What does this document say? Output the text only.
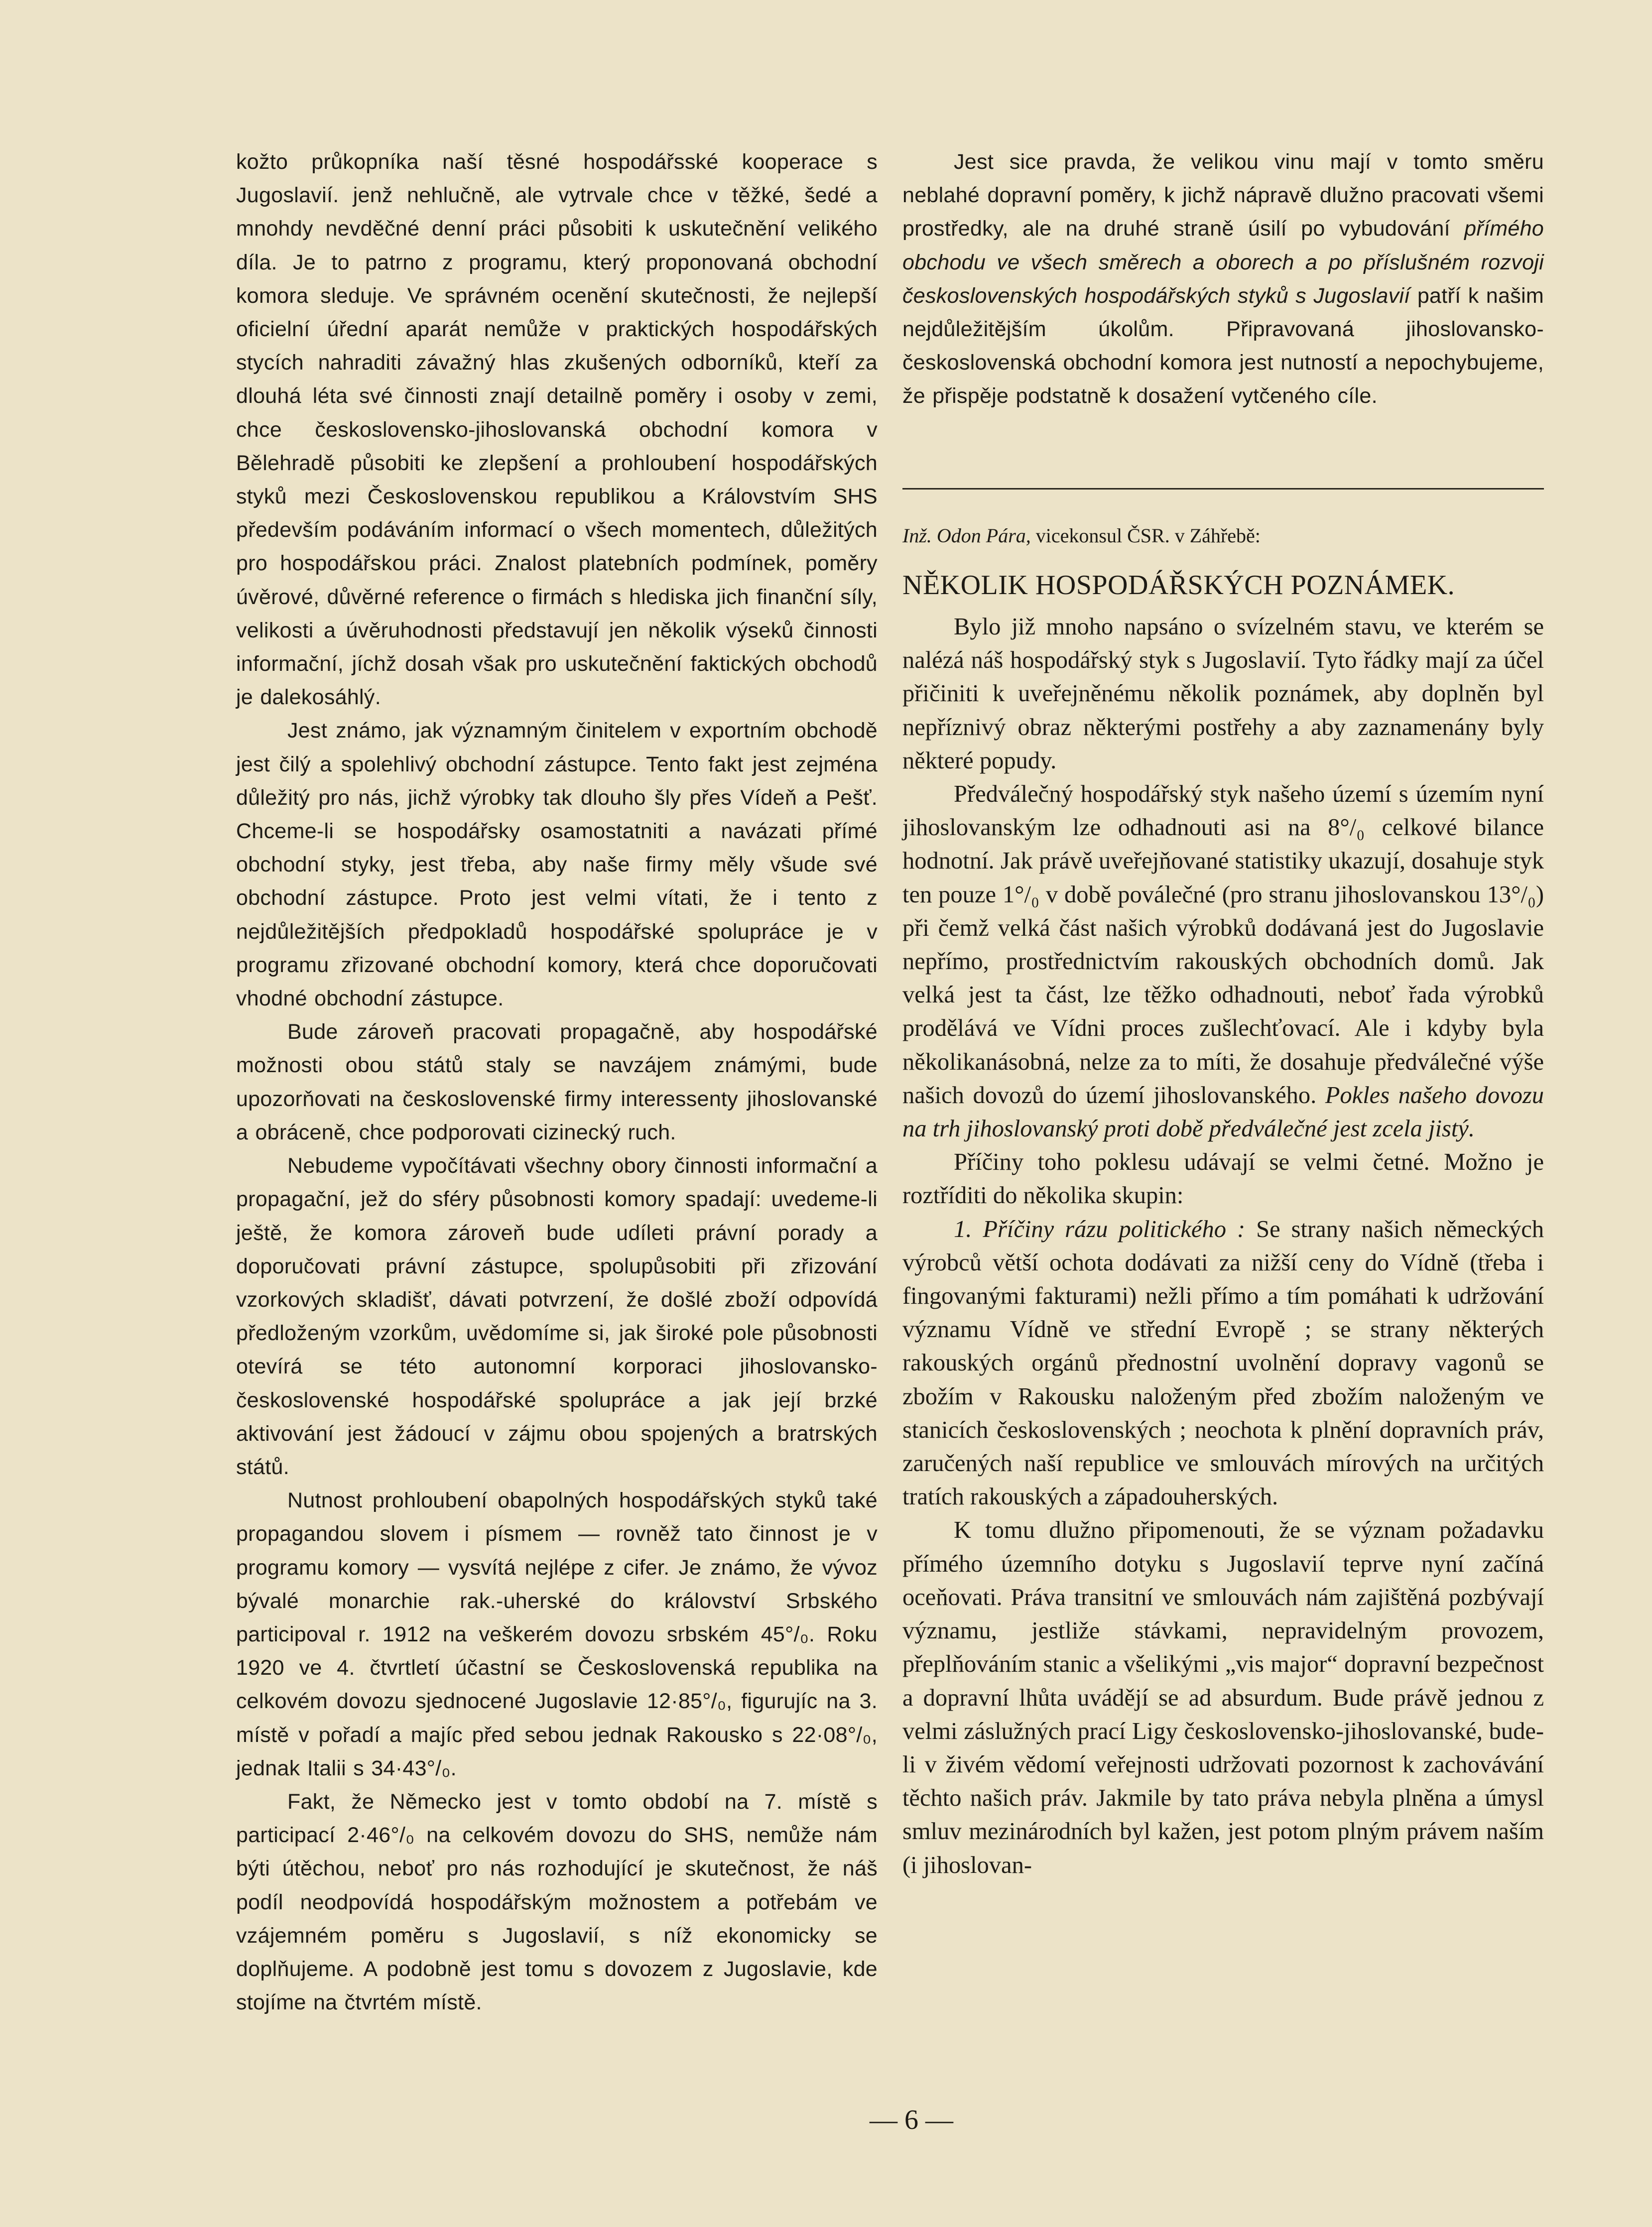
kožto průkopníka naší těsné hospodářsské kooperace s Jugoslavií. jenž nehlučně, ale vytrvale chce v těžké, šedé a mnohdy nevděčné denní práci působiti k uskutečnění velikého díla. Je to patrno z programu, který proponovaná obchodní komora sleduje. Ve správném ocenění skutečnosti, že nejlepší oficielní úřední aparát nemůže v praktických hospodářských stycích nahraditi závažný hlas zkušených odborníků, kteří za dlouhá léta své činnosti znají detailně poměry i osoby v zemi, chce československo-jihoslovanská obchodní komora v Bělehradě působiti ke zlepšení a prohloubení hospodářských styků mezi Československou republikou a Královstvím SHS především podáváním informací o všech momentech, důležitých pro hospodářskou práci. Znalost platebních podmínek, poměry úvěrové, důvěrné reference o firmách s hlediska jich finanční síly, velikosti a úvěruhodnosti představují jen několik výseků činnosti informační, jíchž dosah však pro uskutečnění faktických obchodů je dalekosáhlý.

Jest známo, jak významným činitelem v exportním obchodě jest čilý a spolehlivý obchodní zástupce. Tento fakt jest zejména důležitý pro nás, jichž výrobky tak dlouho šly přes Vídeň a Pešť. Chceme-li se hospodářsky osamostatniti a navázati přímé obchodní styky, jest třeba, aby naše firmy měly všude své obchodní zástupce. Proto jest velmi vítati, že i tento z nejdůležitějších předpokladů hospodářské spolupráce je v programu zřizované obchodní komory, která chce doporučovati vhodné obchodní zástupce.

Bude zároveň pracovati propagačně, aby hospodářské možnosti obou států staly se navzájem známými, bude upozorňovati na československé firmy interessenty jihoslovanské a obráceně, chce podporovati cizinecký ruch.

Nebudeme vypočítávati všechny obory činnosti informační a propagační, jež do sféry působnosti komory spadají: uvedeme-li ještě, že komora zároveň bude udíleti právní porady a doporučovati právní zástupce, spolupůsobiti při zřizování vzorkových skladišť, dávati potvrzení, že došlé zboží odpovídá předloženým vzorkům, uvědomíme si, jak široké pole působnosti otevírá se této autonomní korporaci jihoslovansko-československé hospodářské spolupráce a jak její brzké aktivování jest žádoucí v zájmu obou spojených a bratrských států.

Nutnost prohloubení obapolných hospodářských styků také propagandou slovem i písmem — rovněž tato činnost je v programu komory — vysvítá nejlépe z cifer. Je známo, že vývoz bývalé monarchie rak.-uherské do království Srbského participoval r. 1912 na veškerém dovozu srbském 45°/₀. Roku 1920 ve 4. čtvrtletí účastní se Československá republika na celkovém dovozu sjednocené Jugoslavie 12·85°/₀, figurujíc na 3. místě v pořadí a majíc před sebou jednak Rakousko s 22·08°/₀, jednak Italii s 34·43°/₀.

Fakt, že Německo jest v tomto období na 7. místě s participací 2·46°/₀ na celkovém dovozu do SHS, nemůže nám býti útěchou, neboť pro nás rozhodující je skutečnost, že náš podíl neodpovídá hospodářským možnostem a potřebám ve vzájemném poměru s Jugoslavií, s níž ekonomicky se doplňujeme. A podobně jest tomu s dovozem z Jugoslavie, kde stojíme na čtvrtém místě.

Jest sice pravda, že velikou vinu mají v tomto směru neblahé dopravní poměry, k jichž nápravě dlužno pracovati všemi prostředky, ale na druhé straně úsilí po vybudování přímého obchodu ve všech směrech a oborech a po příslušném rozvoji československých hospodářských styků s Jugoslavií patří k našim nejdůležitějším úkolům. Připravovaná jihoslovansko-československá obchodní komora jest nutností a nepochybujeme, že přispěje podstatně k dosažení vytčeného cíle.

Inž. Odon Pára, vicekonsul ČSR. v Záhřebě:
NĚKOLIK HOSPODÁŘSKÝCH POZNÁMEK.

Bylo již mnoho napsáno o svízelném stavu, ve kterém se nalézá náš hospodářský styk s Jugoslavií. Tyto řádky mají za účel přičiniti k uveřejněnému několik poznámek, aby doplněn byl nepříznivý obraz některými postřehy a aby zaznamenány byly některé popudy.

Předválečný hospodářský styk našeho území s územím nyní jihoslovanským lze odhadnouti asi na 8°/₀ celkové bilance hodnotní. Jak právě uveřejňované statistiky ukazují, dosahuje styk ten pouze 1°/₀ v době poválečné (pro stranu jihoslovanskou 13°/₀) při čemž velká část našich výrobků dodávaná jest do Jugoslavie nepřímo, prostřednictvím rakouských obchodních domů. Jak velká jest ta část, lze těžko odhadnouti, neboť řada výrobků prodělává ve Vídni proces zušlechťovací. Ale i kdyby byla několikanásobná, nelze za to míti, že dosahuje předválečné výše našich dovozů do území jihoslovanského. Pokles našeho dovozu na trh jihoslovanský proti době předválečné jest zcela jistý.

Příčiny toho poklesu udávají se velmi četné. Možno je roztříditi do několika skupin:

1. Příčiny rázu politického : Se strany našich německých výrobců větší ochota dodávati za nižší ceny do Vídně (třeba i fingovanými fakturami) nežli přímo a tím pomáhati k udržování významu Vídně ve střední Evropě ; se strany některých rakouských orgánů přednostní uvolnění dopravy vagonů se zbožím v Rakousku naloženým před zbožím naloženým ve stanicích československých ; neochota k plnění dopravních práv, zaručených naší republice ve smlouvách mírových na určitých tratích rakouských a západouherských.

K tomu dlužno připomenouti, že se význam požadavku přímého územního dotyku s Jugoslavií teprve nyní začíná oceňovati. Práva transitní ve smlouvách nám zajištěná pozbývají významu, jestliže stávkami, nepravidelným provozem, přeplňováním stanic a všelikými „vis major“ dopravní bezpečnost a dopravní lhůta uvádějí se ad absurdum. Bude právě jednou z velmi záslužných prací Ligy československo-jihoslovanské, bude-li v živém vědomí veřejnosti udržovati pozornost k zachovávání těchto našich práv. Jakmile by tato práva nebyla plněna a úmysl smluv mezinárodních byl kažen, jest potom plným právem naším (i jihoslovan-

— 6 —
